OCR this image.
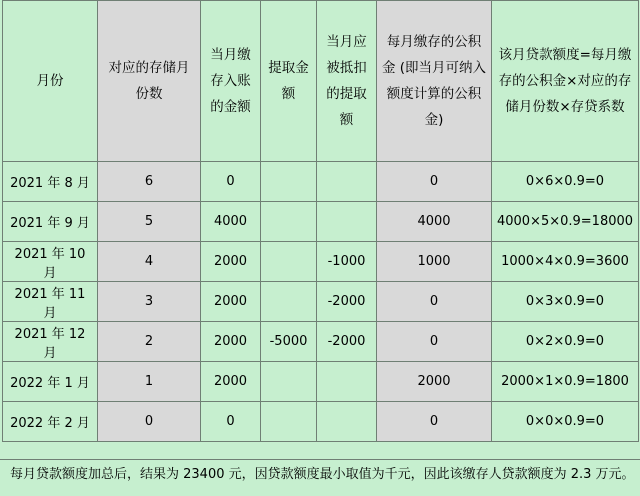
月份	对应的存储月份数	当月缴存入账的金额	提取金额	当月应被抵扣的提取额	每月缴存的公积金 (即当月可纳入额度计算的公积金)	该月贷款额度=每月缴存的公积金×对应的存储月份数×存贷系数
2021 年 8 月	6	0			0	0×6×0.9=0
2021 年 9 月	5	4000			4000	4000×5×0.9=18000
2021 年 10 月	4	2000		-1000	1000	1000×4×0.9=3600
2021 年 11 月	3	2000		-2000	0	0×3×0.9=0
2021 年 12 月	2	2000	-5000	-2000	0	0×2×0.9=0
2022 年 1 月	1	2000			2000	2000×1×0.9=1800
2022 年 2 月	0	0			0	0×0×0.9=0
每月贷款额度加总后，结果为 23400 元，因贷款额度最小取值为千元，因此该缴存人贷款额度为 2.3 万元。
